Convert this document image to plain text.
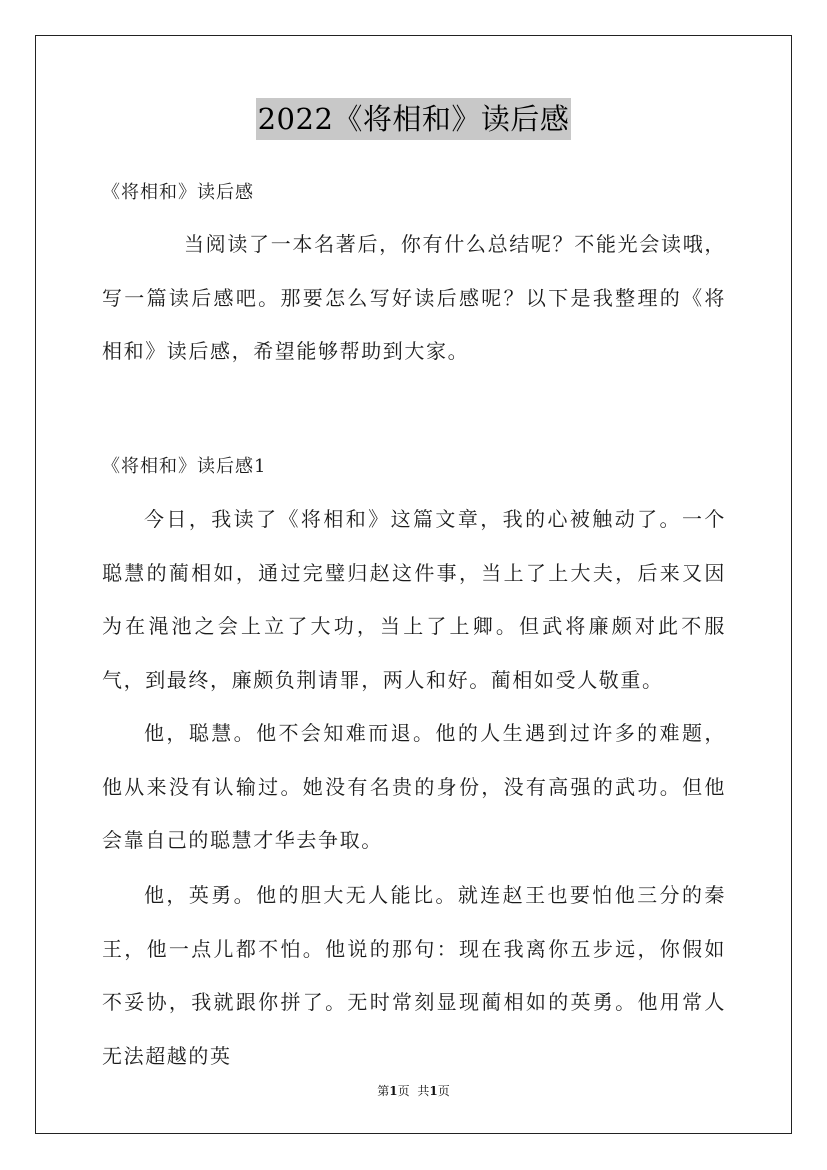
2022《将相和》读后感
《将相和》读后感

当阅读了一本名著后，你有什么总结呢？不能光会读哦，写一篇读后感吧。那要怎么写好读后感呢？以下是我整理的《将相和》读后感，希望能够帮助到大家。

《将相和》读后感1

今日，我读了《将相和》这篇文章，我的心被触动了。一个聪慧的蔺相如，通过完璧归赵这件事，当上了上大夫，后来又因为在渑池之会上立了大功，当上了上卿。但武将廉颇对此不服气，到最终，廉颇负荆请罪，两人和好。蔺相如受人敬重。

他，聪慧。他不会知难而退。他的人生遇到过许多的难题，他从来没有认输过。她没有名贵的身份，没有高强的武功。但他会靠自己的聪慧才华去争取。

他，英勇。他的胆大无人能比。就连赵王也要怕他三分的秦王，他一点儿都不怕。他说的那句：现在我离你五步远，你假如不妥协，我就跟你拼了。无时常刻显现蔺相如的英勇。他用常人无法超越的英

第1页 共1页
